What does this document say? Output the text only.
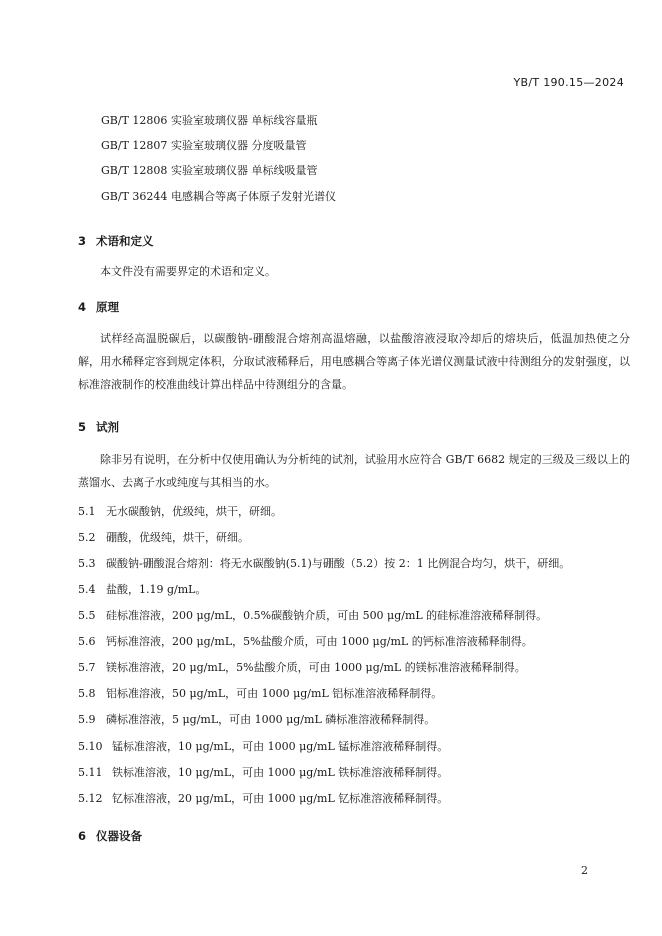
YB/T 190.15—2024
GB/T 12806 实验室玻璃仪器 单标线容量瓶
GB/T 12807 实验室玻璃仪器 分度吸量管
GB/T 12808 实验室玻璃仪器 单标线吸量管
GB/T 36244 电感耦合等离子体原子发射光谱仪
3 术语和定义
本文件没有需要界定的术语和定义。
4 原理
试样经高温脱碳后，以碳酸钠-硼酸混合熔剂高温熔融，以盐酸溶液浸取冷却后的熔块后，低温加热使之分解，用水稀释定容到规定体积，分取试液稀释后，用电感耦合等离子体光谱仪测量试液中待测组分的发射强度，以标准溶液制作的校准曲线计算出样品中待测组分的含量。
5 试剂
除非另有说明，在分析中仅使用确认为分析纯的试剂，试验用水应符合 GB/T 6682 规定的三级及三级以上的蒸馏水、去离子水或纯度与其相当的水。
5.1 无水碳酸钠，优级纯，烘干，研细。
5.2 硼酸，优级纯，烘干，研细。
5.3 碳酸钠-硼酸混合熔剂：将无水碳酸钠(5.1)与硼酸（5.2）按 2：1 比例混合均匀，烘干，研细。
5.4 盐酸，1.19 g/mL。
5.5 硅标准溶液，200 μg/mL，0.5%碳酸钠介质，可由 500 μg/mL 的硅标准溶液稀释制得。
5.6 钙标准溶液，200 μg/mL，5%盐酸介质，可由 1000 μg/mL 的钙标准溶液稀释制得。
5.7 镁标准溶液，20 μg/mL，5%盐酸介质，可由 1000 μg/mL 的镁标准溶液稀释制得。
5.8 铝标准溶液，50 μg/mL，可由 1000 μg/mL 铝标准溶液稀释制得。
5.9 磷标准溶液，5 μg/mL，可由 1000 μg/mL 磷标准溶液稀释制得。
5.10 锰标准溶液，10 μg/mL，可由 1000 μg/mL 锰标准溶液稀释制得。
5.11 铁标准溶液，10 μg/mL，可由 1000 μg/mL 铁标准溶液稀释制得。
5.12 钇标准溶液，20 μg/mL，可由 1000 μg/mL 钇标准溶液稀释制得。
6 仪器设备
2
